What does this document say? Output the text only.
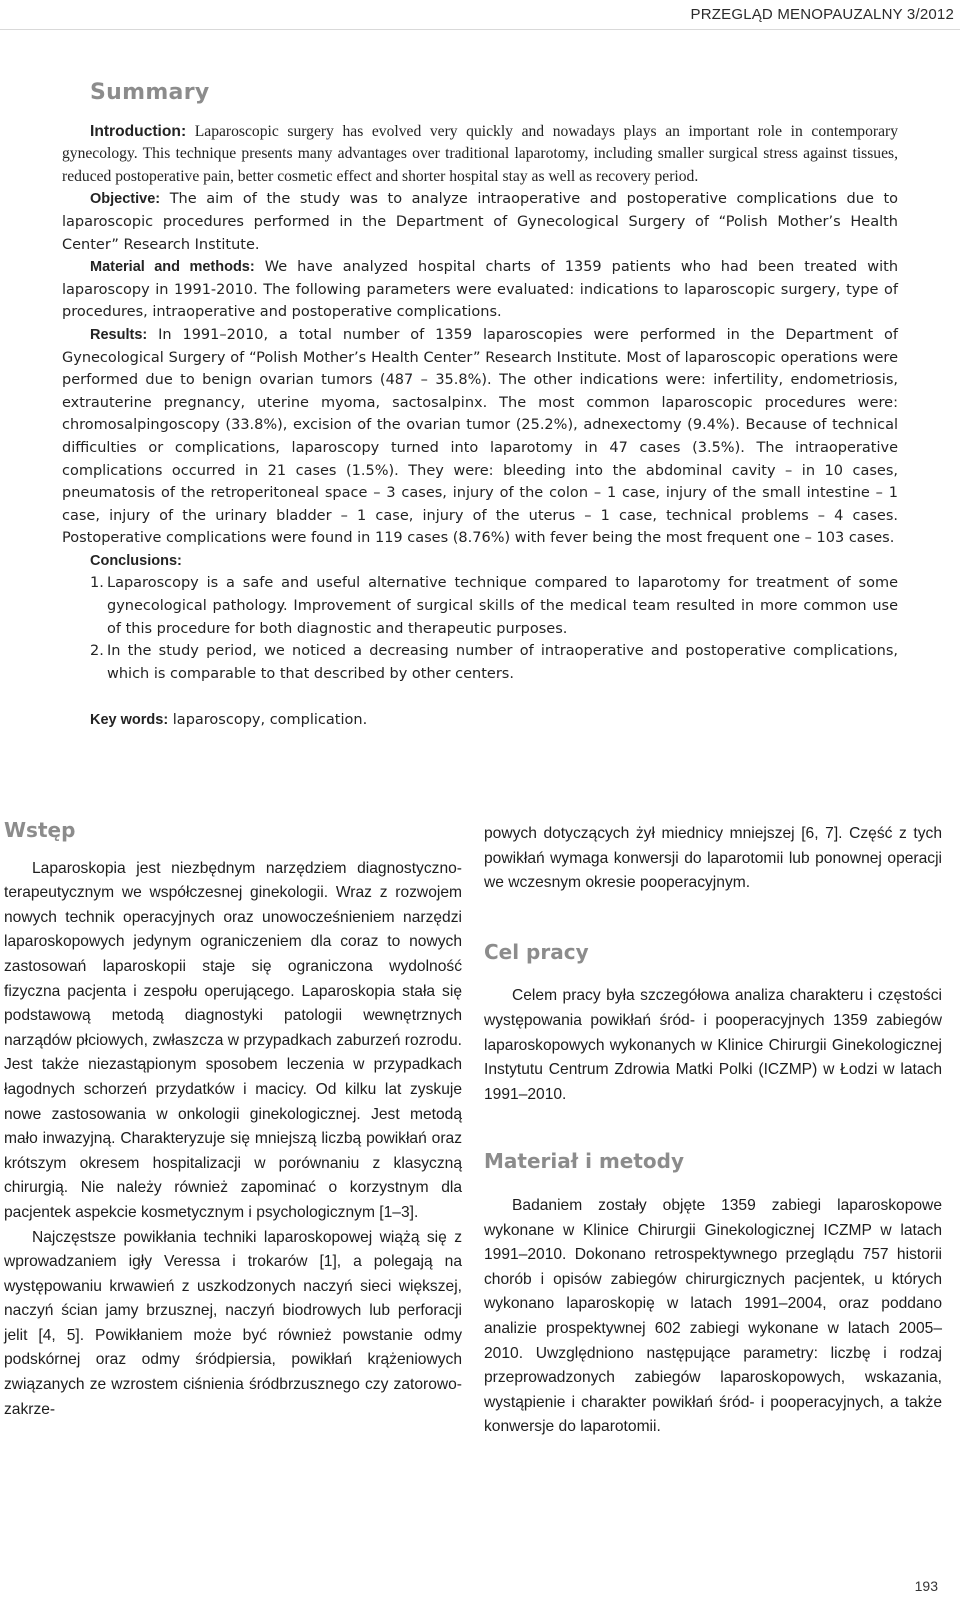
PRZEGLĄD MENOPAUZALNY 3/2012
Summary

Introduction: Laparoscopic surgery has evolved very quickly and nowadays plays an important role in contemporary gynecology. This technique presents many advantages over traditional laparotomy, including smaller surgical stress against tissues, reduced postoperative pain, better cosmetic effect and shorter hospital stay as well as recovery period.

Objective: The aim of the study was to analyze intraoperative and postoperative complications due to laparoscopic procedures performed in the Department of Gynecological Surgery of “Polish Mother’s Health Center” Research Institute.

Material and methods: We have analyzed hospital charts of 1359 patients who had been treated with laparoscopy in 1991-2010. The following parameters were evaluated: indications to laparoscopic surgery, type of procedures, intraoperative and postoperative complications.

Results: In 1991–2010, a total number of 1359 laparoscopies were performed in the Department of Gynecological Surgery of “Polish Mother’s Health Center” Research Institute. Most of laparoscopic operations were performed due to benign ovarian tumors (487 – 35.8%). The other indications were: infertility, endometriosis, extrauterine pregnancy, uterine myoma, sactosalpinx. The most common laparoscopic procedures were: chromosalpingoscopy (33.8%), excision of the ovarian tumor (25.2%), adnexectomy (9.4%). Because of technical difficulties or complications, laparoscopy turned into laparotomy in 47 cases (3.5%). The intraoperative complications occurred in 21 cases (1.5%). They were: bleeding into the abdominal cavity – in 10 cases, pneumatosis of the retroperitoneal space – 3 cases, injury of the colon – 1 case, injury of the small intestine – 1 case, injury of the urinary bladder – 1 case, injury of the uterus – 1 case, technical problems – 4 cases. Postoperative complications were found in 119 cases (8.76%) with fever being the most frequent one – 103 cases.

Conclusions:
1. Laparoscopy is a safe and useful alternative technique compared to laparotomy for treatment of some gynecological pathology. Improvement of surgical skills of the medical team resulted in more common use of this procedure for both diagnostic and therapeutic purposes.
2. In the study period, we noticed a decreasing number of intraoperative and postoperative complications, which is comparable to that described by other centers.
Key words: laparoscopy, complication.
Wstęp

Laparoskopia jest niezbędnym narzędziem diagnostyczno-terapeutycznym we współczesnej ginekologii. Wraz z rozwojem nowych technik operacyjnych oraz unowocześnieniem narzędzi laparoskopowych jedynym ograniczeniem dla coraz to nowych zastosowań laparoskopii staje się ograniczona wydolność fizyczna pacjenta i zespołu operującego. Laparoskopia stała się podstawową metodą diagnostyki patologii wewnętrznych narządów płciowych, zwłaszcza w przypadkach zaburzeń rozrodu. Jest także niezastąpionym sposobem leczenia w przypadkach łagodnych schorzeń przydatków i macicy. Od kilku lat zyskuje nowe zastosowania w onkologii ginekologicznej. Jest metodą mało inwazyjną. Charakteryzuje się mniejszą liczbą powikłań oraz krótszym okresem hospitalizacji w porównaniu z klasyczną chirurgią. Nie należy również zapominać o korzystnym dla pacjentek aspekcie kosmetycznym i psychologicznym [1–3].

Najczęstsze powikłania techniki laparoskopowej wiążą się z wprowadzaniem igły Veressa i trokarów [1], a polegają na występowaniu krwawień z uszkodzonych naczyń sieci większej, naczyń ścian jamy brzusznej, naczyń biodrowych lub perforacji jelit [4, 5]. Powikłaniem może być również powstanie odmy podskórnej oraz odmy śródpiersia, powikłań krążeniowych związanych ze wzrostem ciśnienia śródbrzusznego czy zatorowo-zakrze-

powych dotyczących żył miednicy mniejszej [6, 7]. Część z tych powikłań wymaga konwersji do laparotomii lub ponownej operacji we wczesnym okresie pooperacyjnym.

Cel pracy

Celem pracy była szczegółowa analiza charakteru i częstości występowania powikłań śród- i pooperacyjnych 1359 zabiegów laparoskopowych wykonanych w Klinice Chirurgii Ginekologicznej Instytutu Centrum Zdrowia Matki Polki (ICZMP) w Łodzi w latach 1991–2010.

Materiał i metody

Badaniem zostały objęte 1359 zabiegi laparoskopowe wykonane w Klinice Chirurgii Ginekologicznej ICZMP w latach 1991–2010. Dokonano retrospektywnego przeglądu 757 historii chorób i opisów zabiegów chirurgicznych pacjentek, u których wykonano laparoskopię w latach 1991–2004, oraz poddano analizie prospektywnej 602 zabiegi wykonane w latach 2005–2010. Uwzględniono następujące parametry: liczbę i rodzaj przeprowadzonych zabiegów laparoskopowych, wskazania, wystąpienie i charakter powikłań śród- i pooperacyjnych, a także konwersje do laparotomii.

193
